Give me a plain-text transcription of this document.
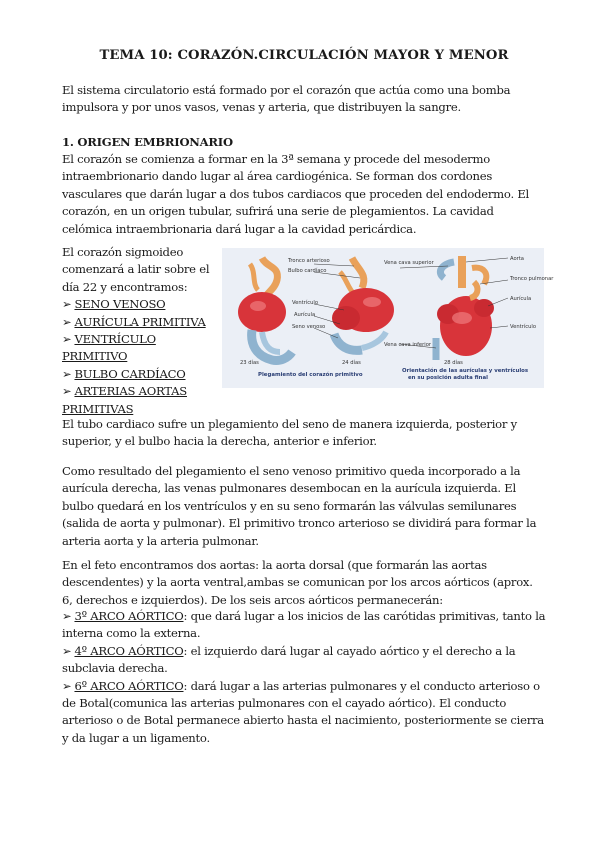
TEMA 10: CORAZÓN.CIRCULACIÓN MAYOR Y MENOR

El sistema circulatorio está formado por el corazón que actúa como una bomba impulsora y por unos vasos, venas y arteria, que distribuyen la sangre.

1. ORIGEN EMBRIONARIO

El corazón se comienza a formar en la 3ª semana y procede del mesodermo intraembrionario dando lugar al área cardiogénica. Se forman dos cordones vasculares que darán lugar a dos tubos cardiacos que proceden del endodermo. El corazón, en un origen tubular, sufrirá una serie de plegamientos. La cavidad celómica intraembrionaria dará lugar a la cavidad pericárdica.

El corazón sigmoideo comenzará a latir sobre el día 22 y encontramos:
➢ SENO VENOSO
➢ AURÍCULA PRIMITIVA
➢ VENTRÍCULO PRIMITIVO
➢ BULBO CARDÍACO
➢ ARTERIAS AORTAS PRIMITIVAS
Tronco arterioso
Bulbo cardíaco
Ventrículo
Aurícula
Seno venoso
Vena cava superior
Vena cava inferior
Aorta
Tronco pulmonar
Aurícula
Ventrículo
23 días	24 días	28 días
Plegamiento del corazón primitivo
Orientación de las aurículas y ventrículos en su posición adulta final

El tubo cardiaco sufre un plegamiento del seno de manera izquierda, posterior y superior, y el bulbo hacia la derecha, anterior e inferior.

Como resultado del plegamiento el seno venoso primitivo queda incorporado a la aurícula derecha, las venas pulmonares desembocan en la aurícula izquierda. El bulbo quedará en los ventrículos y en su seno formarán las válvulas semilunares (salida de aorta y pulmonar). El primitivo tronco arterioso se dividirá para formar la arteria aorta y la arteria pulmonar.

En el feto encontramos dos aortas: la aorta dorsal (que formarán las aortas descendentes) y la aorta ventral,ambas se comunican por los arcos aórticos (aprox. 6, derechos e izquierdos). De los seis arcos aórticos permanecerán:

➢ 3º ARCO AÓRTICO: que dará lugar a los inicios de las carótidas primitivas, tanto la interna como la externa.
➢ 4º ARCO AÓRTICO: el izquierdo dará lugar al cayado aórtico y el derecho a la subclavia derecha.
➢ 6º ARCO AÓRTICO: dará lugar a las arterias pulmonares y el conducto arterioso o de Botal(comunica las arterias pulmonares con el cayado aórtico). El conducto arterioso o de Botal permanece abierto hasta el nacimiento, posteriormente se cierra y da lugar a un ligamento.
